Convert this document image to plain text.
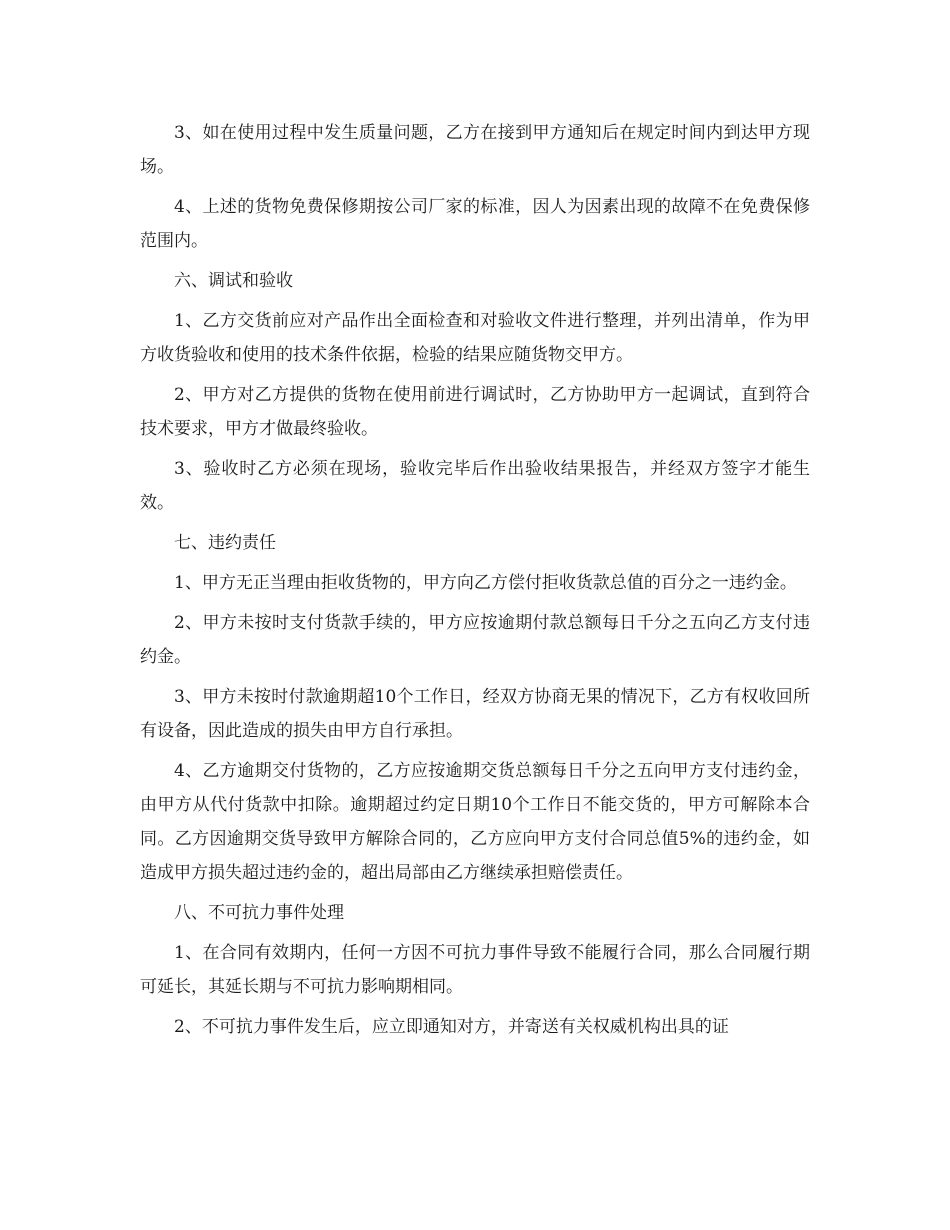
3、如在使用过程中发生质量问题，乙方在接到甲方通知后在规定时间内到达甲方现场。

4、上述的货物免费保修期按公司厂家的标准，因人为因素出现的故障不在免费保修范围内。

六、调试和验收

1、乙方交货前应对产品作出全面检查和对验收文件进行整理，并列出清单，作为甲方收货验收和使用的技术条件依据，检验的结果应随货物交甲方。

2、甲方对乙方提供的货物在使用前进行调试时，乙方协助甲方一起调试，直到符合技术要求，甲方才做最终验收。

3、验收时乙方必须在现场，验收完毕后作出验收结果报告，并经双方签字才能生效。

七、违约责任

1、甲方无正当理由拒收货物的，甲方向乙方偿付拒收货款总值的百分之一违约金。

2、甲方未按时支付货款手续的，甲方应按逾期付款总额每日千分之五向乙方支付违约金。

3、甲方未按时付款逾期超10个工作日，经双方协商无果的情况下，乙方有权收回所有设备，因此造成的损失由甲方自行承担。

4、乙方逾期交付货物的，乙方应按逾期交货总额每日千分之五向甲方支付违约金，由甲方从代付货款中扣除。逾期超过约定日期10个工作日不能交货的，甲方可解除本合同。乙方因逾期交货导致甲方解除合同的，乙方应向甲方支付合同总值5%的违约金，如造成甲方损失超过违约金的，超出局部由乙方继续承担赔偿责任。

八、不可抗力事件处理

1、在合同有效期内，任何一方因不可抗力事件导致不能履行合同，那么合同履行期可延长，其延长期与不可抗力影响期相同。

2、不可抗力事件发生后，应立即通知对方，并寄送有关权威机构出具的证
